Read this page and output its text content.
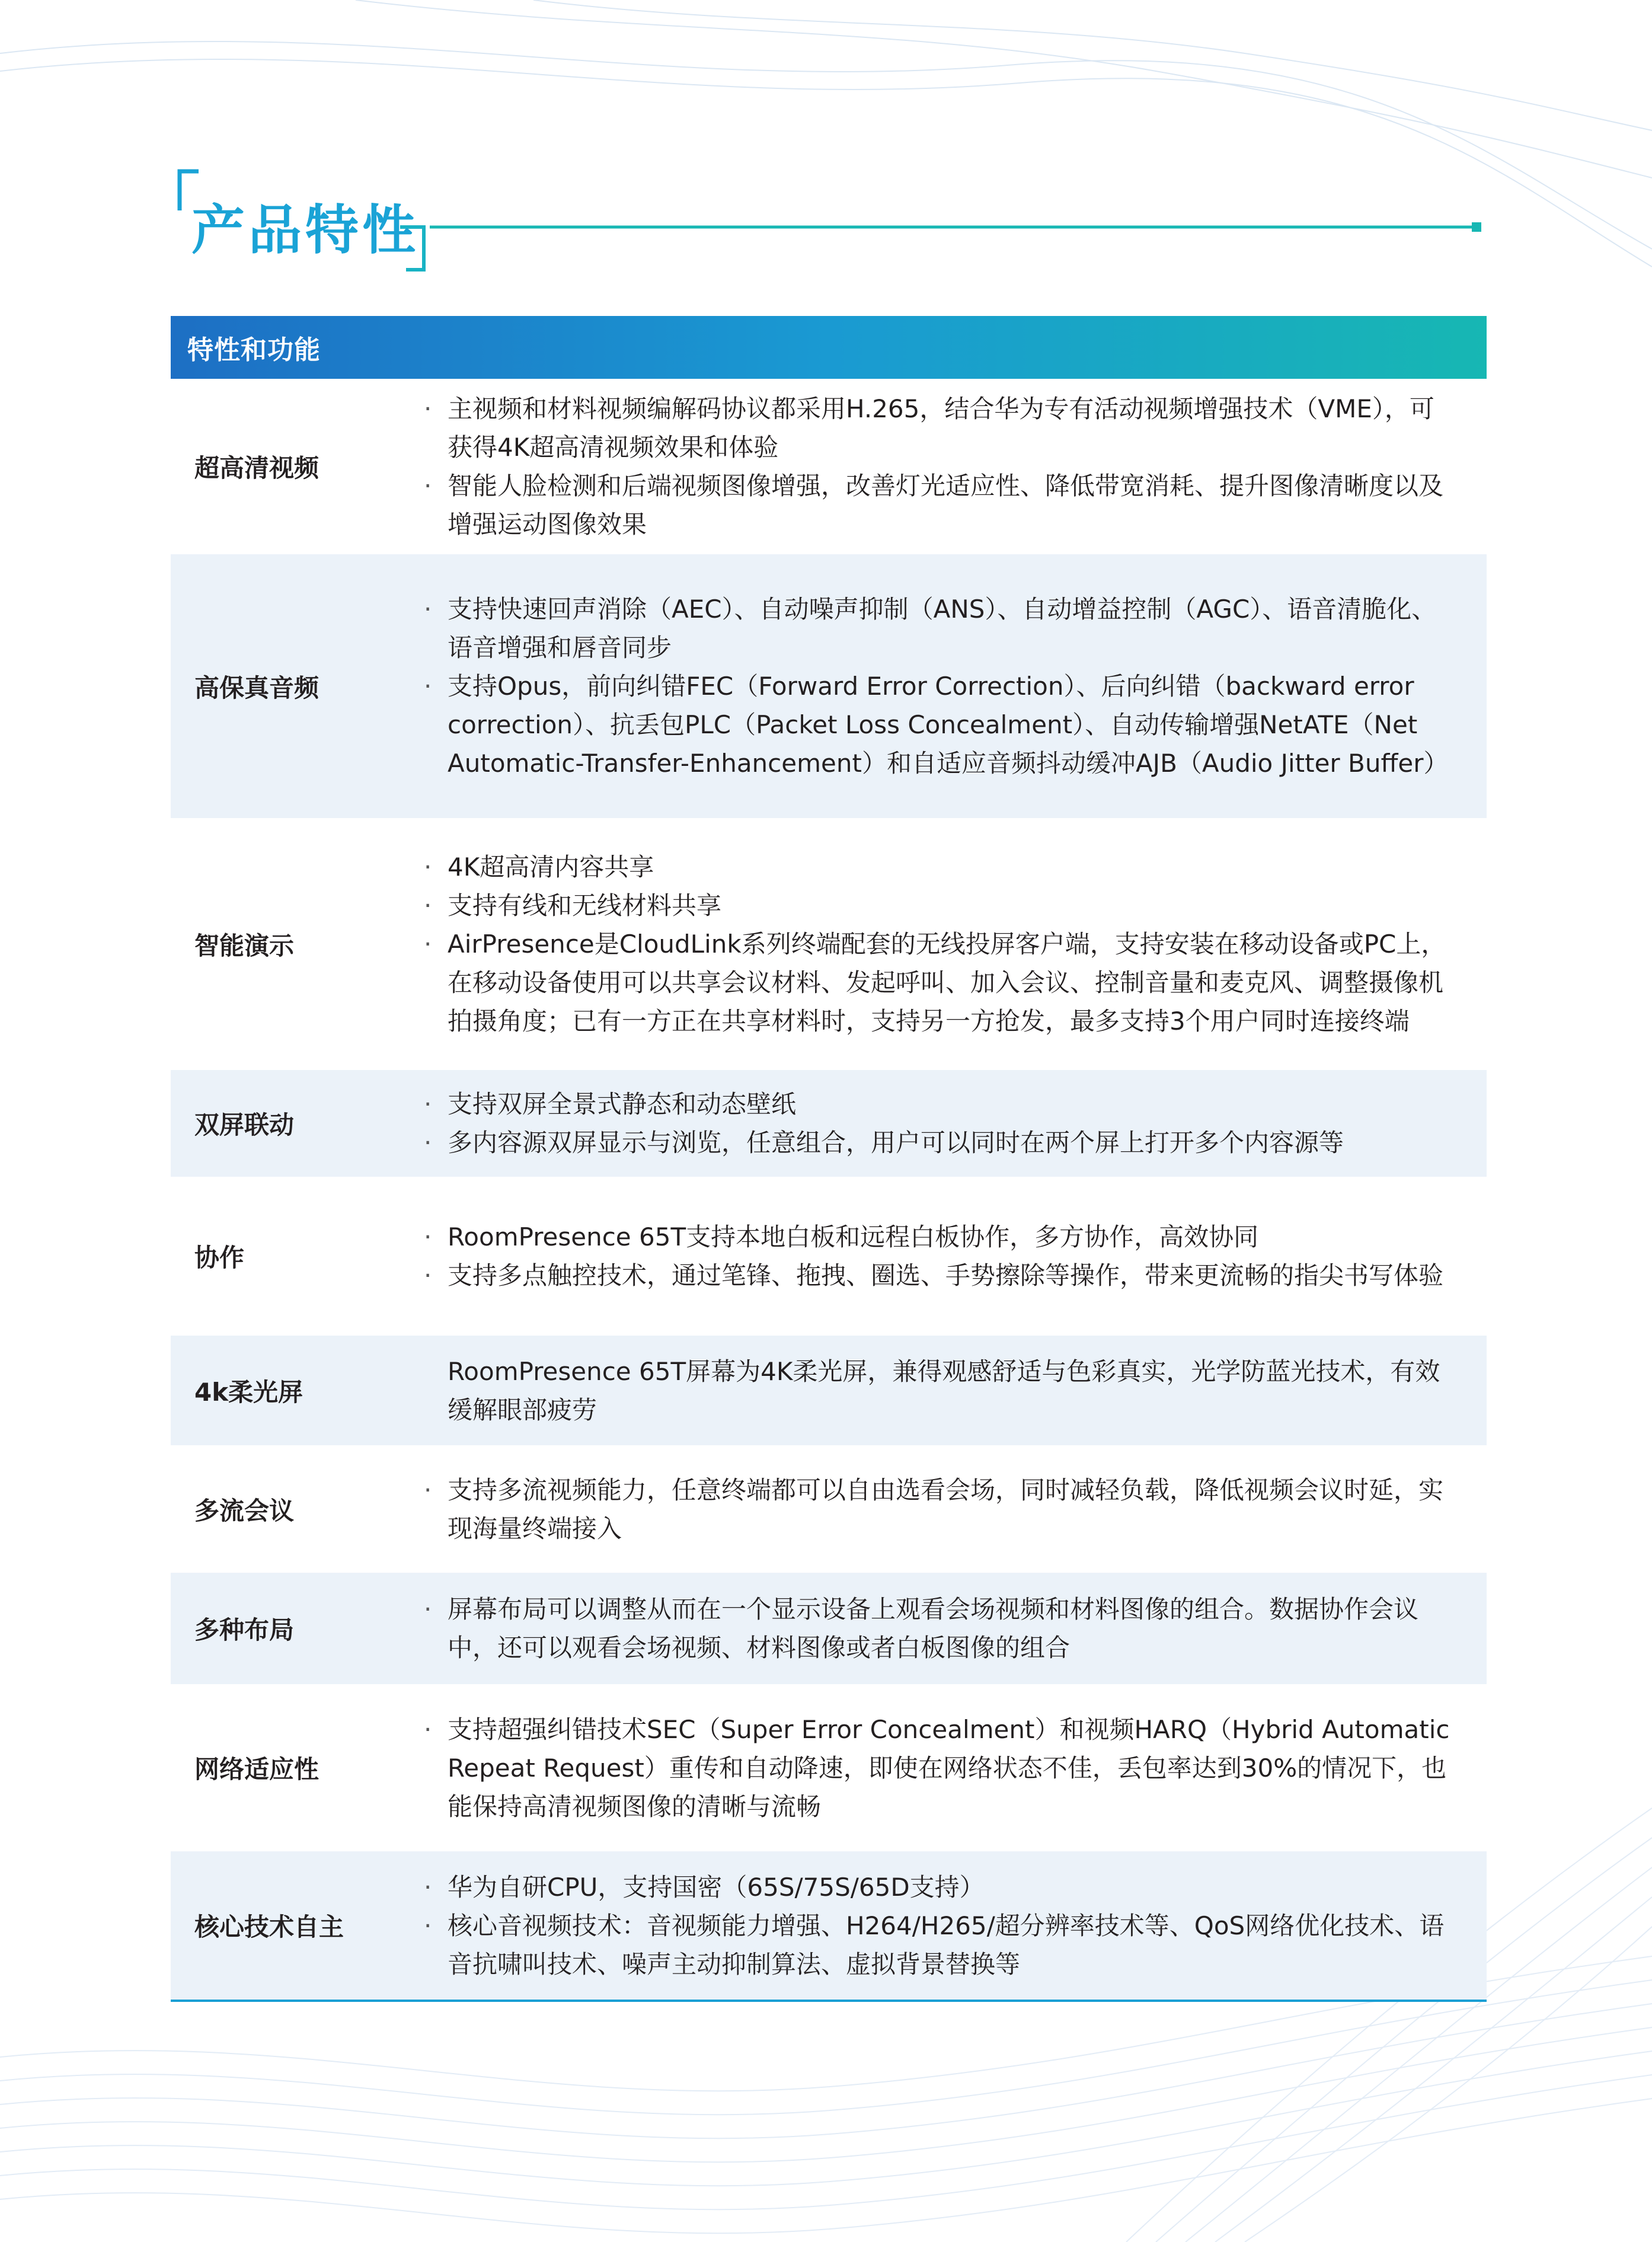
产品特性
特性和功能
超高清视频
· 主视频和材料视频编解码协议都采用H.265，结合华为专有活动视频增强技术（VME），可获得4K超高清视频效果和体验
· 智能人脸检测和后端视频图像增强，改善灯光适应性、降低带宽消耗、提升图像清晰度以及增强运动图像效果
高保真音频
· 支持快速回声消除（AEC）、自动噪声抑制（ANS）、自动增益控制（AGC）、语音清脆化、语音增强和唇音同步
· 支持Opus，前向纠错FEC（Forward Error Correction）、后向纠错（backward error correction）、抗丢包PLC（Packet Loss Concealment）、自动传输增强NetATE（Net Automatic-Transfer-Enhancement）和自适应音频抖动缓冲AJB（Audio Jitter Buffer）
智能演示
· 4K超高清内容共享
· 支持有线和无线材料共享
· AirPresence是CloudLink系列终端配套的无线投屏客户端，支持安装在移动设备或PC上，在移动设备使用可以共享会议材料、发起呼叫、加入会议、控制音量和麦克风、调整摄像机拍摄角度；已有一方正在共享材料时，支持另一方抢发，最多支持3个用户同时连接终端
双屏联动
· 支持双屏全景式静态和动态壁纸
· 多内容源双屏显示与浏览，任意组合，用户可以同时在两个屏上打开多个内容源等
协作
· RoomPresence 65T支持本地白板和远程白板协作，多方协作，高效协同
· 支持多点触控技术，通过笔锋、拖拽、圈选、手势擦除等操作，带来更流畅的指尖书写体验
4k柔光屏
RoomPresence 65T屏幕为4K柔光屏，兼得观感舒适与色彩真实，光学防蓝光技术，有效缓解眼部疲劳
多流会议
· 支持多流视频能力，任意终端都可以自由选看会场，同时减轻负载，降低视频会议时延，实现海量终端接入
多种布局
· 屏幕布局可以调整从而在一个显示设备上观看会场视频和材料图像的组合。数据协作会议中，还可以观看会场视频、材料图像或者白板图像的组合
网络适应性
· 支持超强纠错技术SEC（Super Error Concealment）和视频HARQ（Hybrid Automatic Repeat Request）重传和自动降速，即使在网络状态不佳，丢包率达到30%的情况下，也能保持高清视频图像的清晰与流畅
核心技术自主
· 华为自研CPU，支持国密（65S/75S/65D支持）
· 核心音视频技术：音视频能力增强、H264/H265/超分辨率技术等、QoS网络优化技术、语音抗啸叫技术、噪声主动抑制算法、虚拟背景替换等
